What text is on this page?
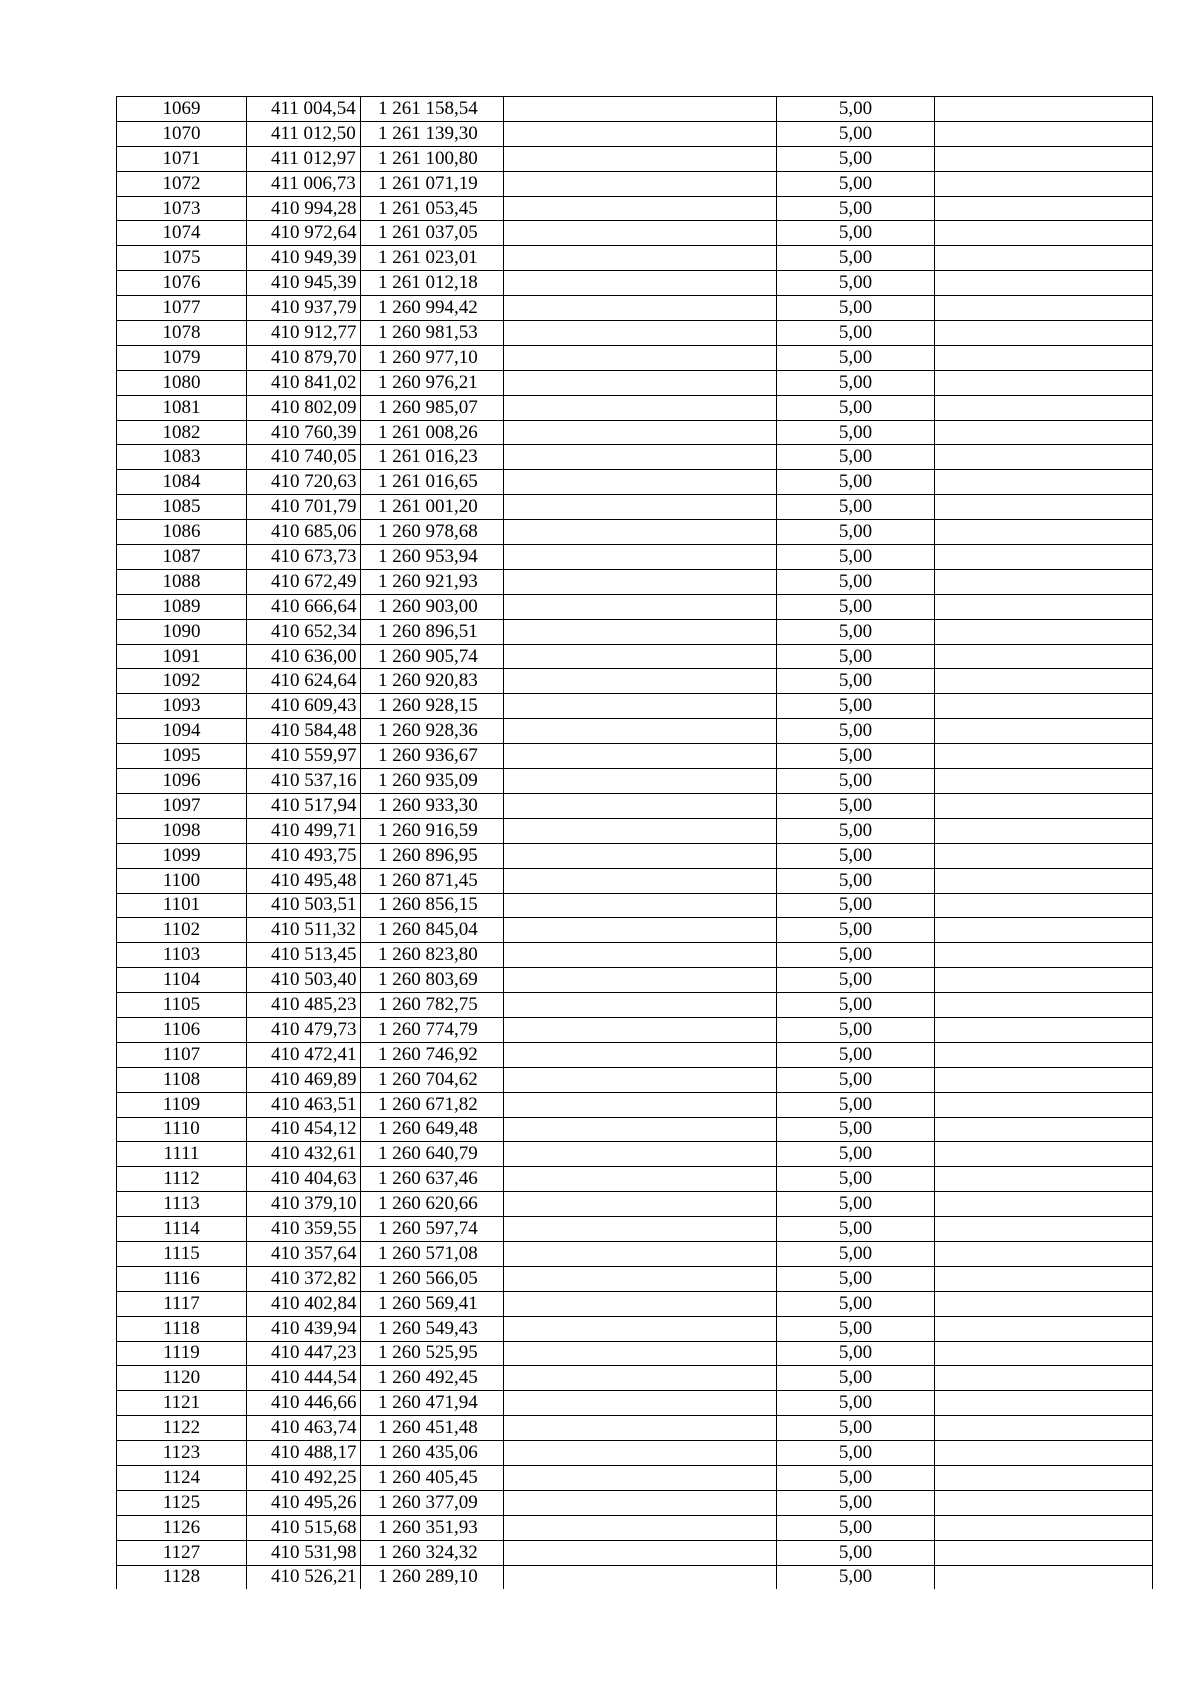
1069	411 004,54	1 261 158,54		5,00	
1070	411 012,50	1 261 139,30		5,00	
1071	411 012,97	1 261 100,80		5,00	
1072	411 006,73	1 261 071,19		5,00	
1073	410 994,28	1 261 053,45		5,00	
1074	410 972,64	1 261 037,05		5,00	
1075	410 949,39	1 261 023,01		5,00	
1076	410 945,39	1 261 012,18		5,00	
1077	410 937,79	1 260 994,42		5,00	
1078	410 912,77	1 260 981,53		5,00	
1079	410 879,70	1 260 977,10		5,00	
1080	410 841,02	1 260 976,21		5,00	
1081	410 802,09	1 260 985,07		5,00	
1082	410 760,39	1 261 008,26		5,00	
1083	410 740,05	1 261 016,23		5,00	
1084	410 720,63	1 261 016,65		5,00	
1085	410 701,79	1 261 001,20		5,00	
1086	410 685,06	1 260 978,68		5,00	
1087	410 673,73	1 260 953,94		5,00	
1088	410 672,49	1 260 921,93		5,00	
1089	410 666,64	1 260 903,00		5,00	
1090	410 652,34	1 260 896,51		5,00	
1091	410 636,00	1 260 905,74		5,00	
1092	410 624,64	1 260 920,83		5,00	
1093	410 609,43	1 260 928,15		5,00	
1094	410 584,48	1 260 928,36		5,00	
1095	410 559,97	1 260 936,67		5,00	
1096	410 537,16	1 260 935,09		5,00	
1097	410 517,94	1 260 933,30		5,00	
1098	410 499,71	1 260 916,59		5,00	
1099	410 493,75	1 260 896,95		5,00	
1100	410 495,48	1 260 871,45		5,00	
1101	410 503,51	1 260 856,15		5,00	
1102	410 511,32	1 260 845,04		5,00	
1103	410 513,45	1 260 823,80		5,00	
1104	410 503,40	1 260 803,69		5,00	
1105	410 485,23	1 260 782,75		5,00	
1106	410 479,73	1 260 774,79		5,00	
1107	410 472,41	1 260 746,92		5,00	
1108	410 469,89	1 260 704,62		5,00	
1109	410 463,51	1 260 671,82		5,00	
1110	410 454,12	1 260 649,48		5,00	
1111	410 432,61	1 260 640,79		5,00	
1112	410 404,63	1 260 637,46		5,00	
1113	410 379,10	1 260 620,66		5,00	
1114	410 359,55	1 260 597,74		5,00	
1115	410 357,64	1 260 571,08		5,00	
1116	410 372,82	1 260 566,05		5,00	
1117	410 402,84	1 260 569,41		5,00	
1118	410 439,94	1 260 549,43		5,00	
1119	410 447,23	1 260 525,95		5,00	
1120	410 444,54	1 260 492,45		5,00	
1121	410 446,66	1 260 471,94		5,00	
1122	410 463,74	1 260 451,48		5,00	
1123	410 488,17	1 260 435,06		5,00	
1124	410 492,25	1 260 405,45		5,00	
1125	410 495,26	1 260 377,09		5,00	
1126	410 515,68	1 260 351,93		5,00	
1127	410 531,98	1 260 324,32		5,00	
1128	410 526,21	1 260 289,10		5,00	
